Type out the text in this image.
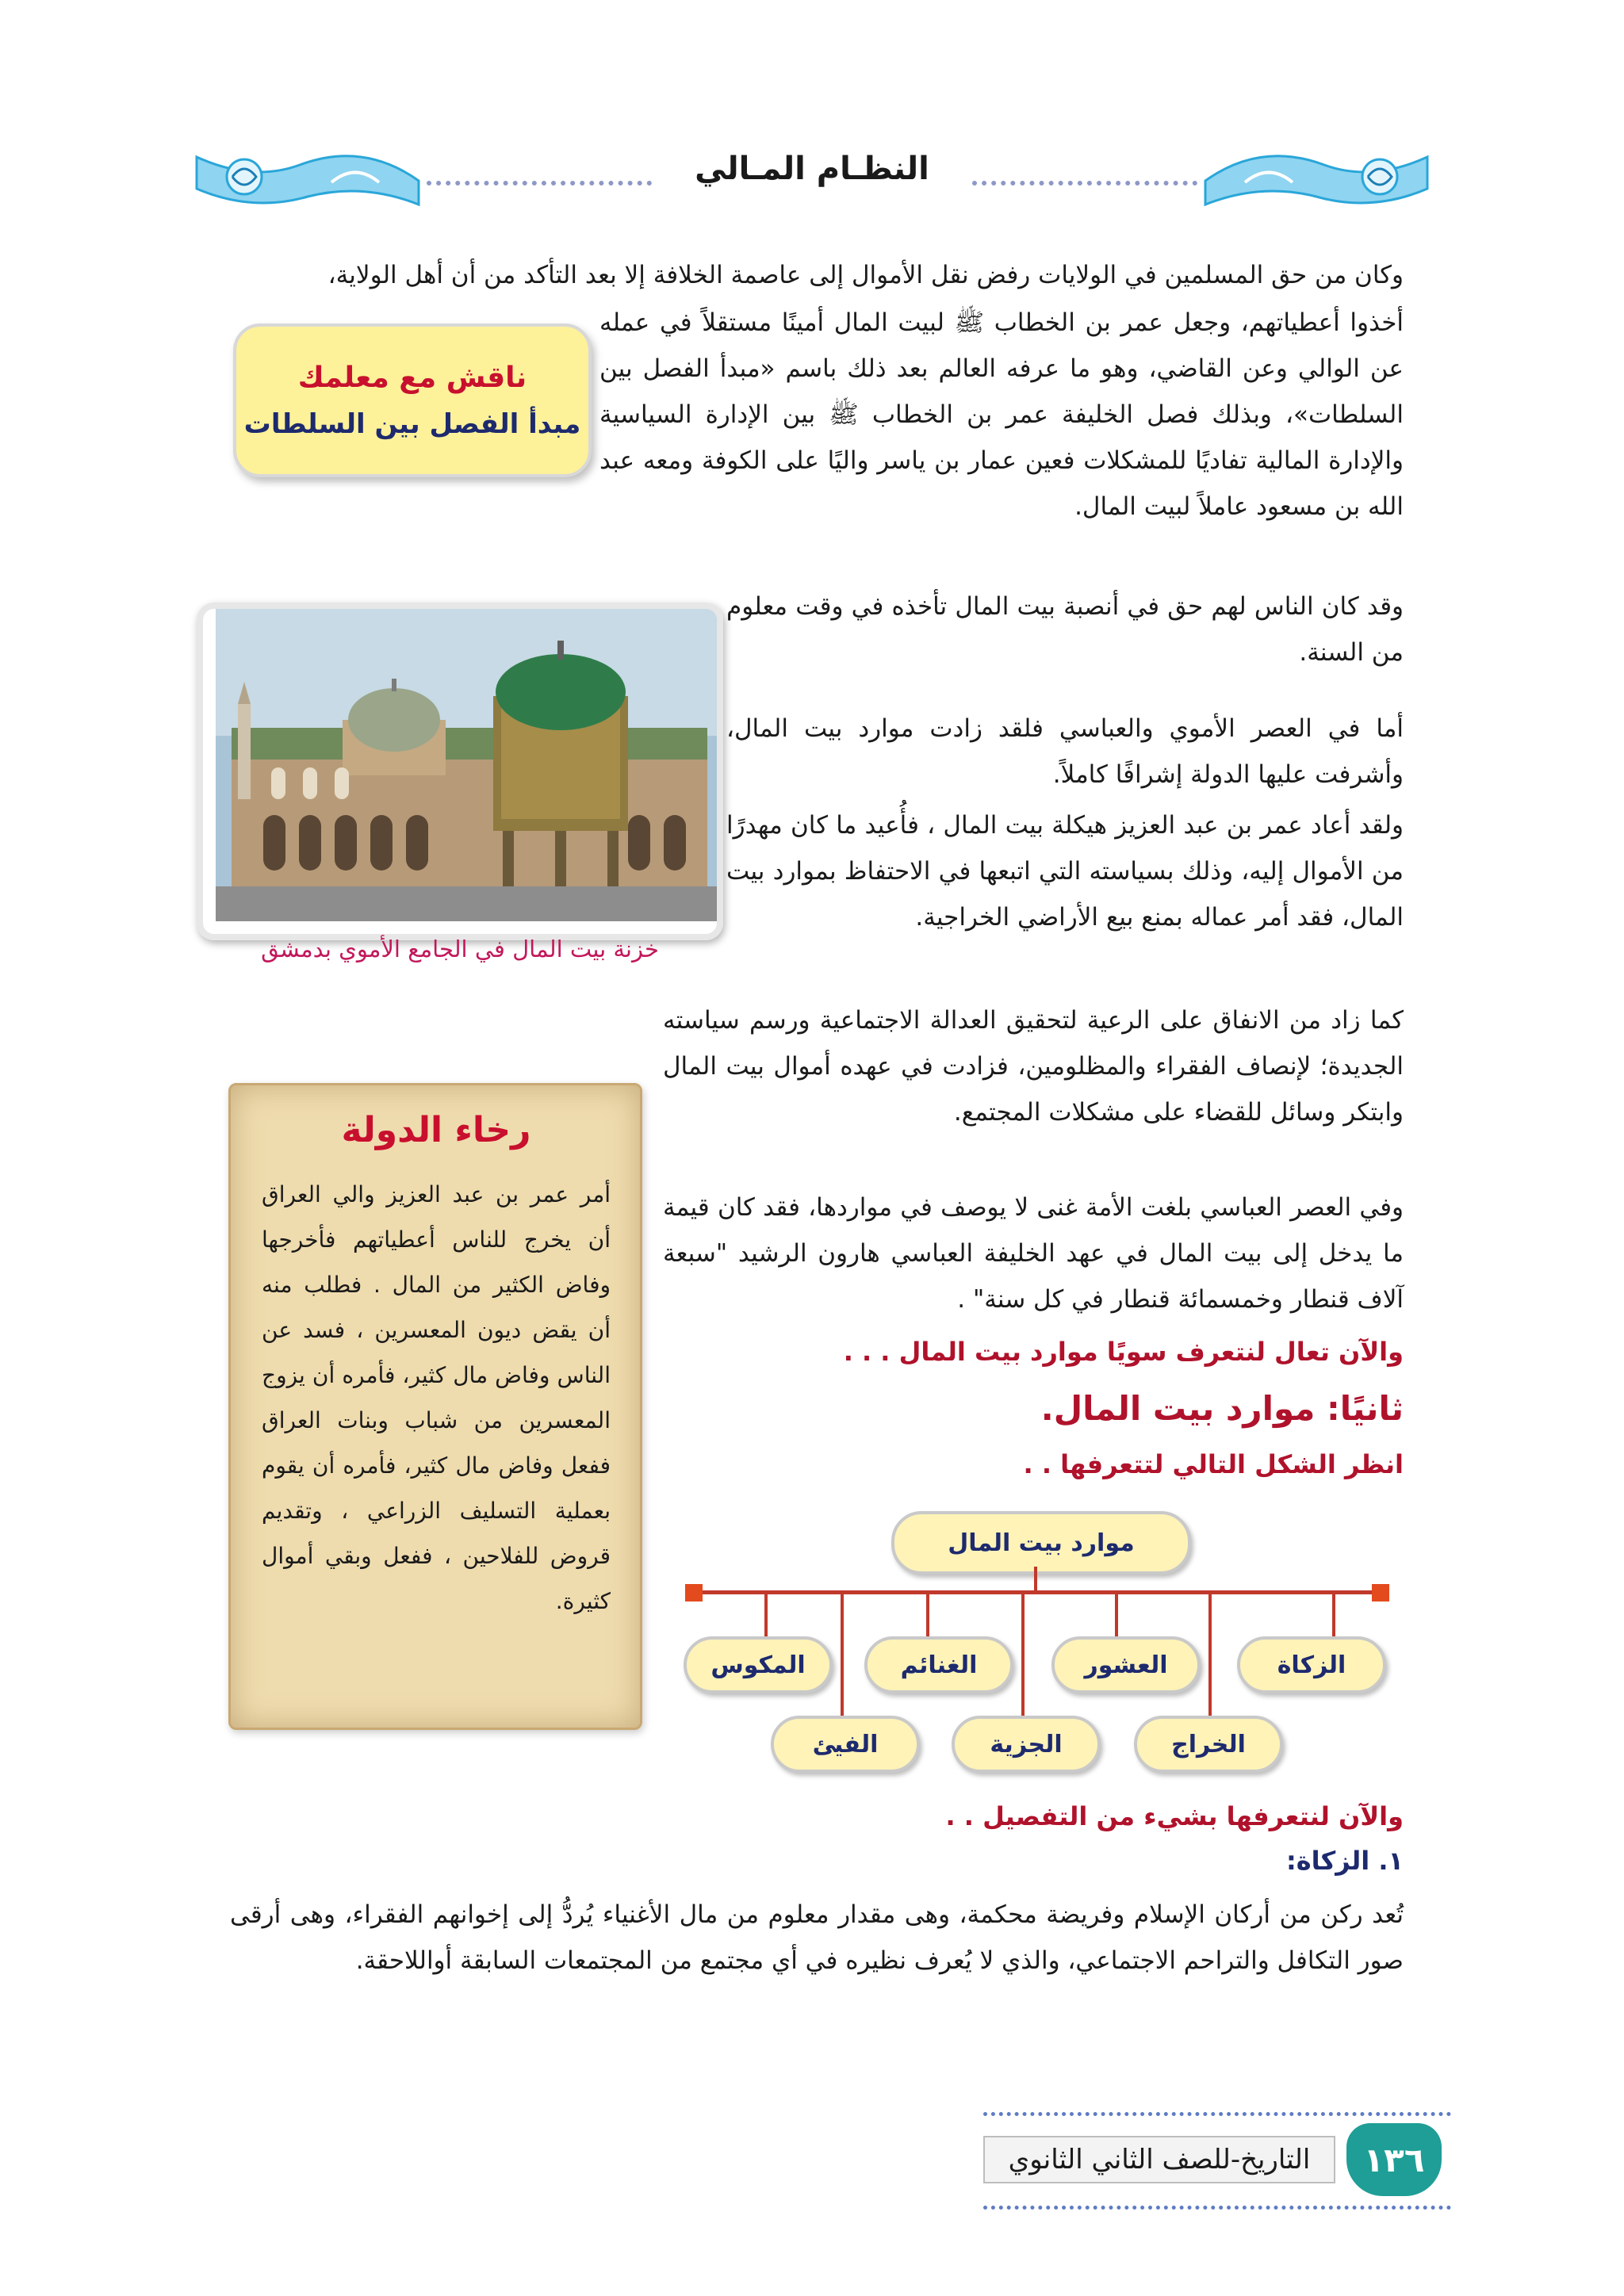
النظـام المـالي

وكان من حق المسلمين في الولايات رفض نقل الأموال إلى عاصمة الخلافة إلا بعد التأكد من أن أهل الولاية،

أخذوا أعطياتهم، وجعل عمر بن الخطاب ﷺ لبيت المال أمينًا مستقلاً في عمله عن الوالي وعن القاضي، وهو ما عرفه العالم بعد ذلك باسم «مبدأ الفصل بين السلطات»، وبذلك فصل الخليفة عمر بن الخطاب ﷺ بين الإدارة السياسية والإدارة المالية تفاديًا للمشكلات فعين عمار بن ياسر واليًا على الكوفة ومعه عبد الله بن مسعود عاملاً لبيت المال.

ناقش مع معلمك
مبدأ الفصل بين السلطات
خزنة بيت المال في الجامع الأموي بدمشق

وقد كان الناس لهم حق في أنصبة بيت المال تأخذه في وقت معلوم من السنة.

أما في العصر الأموي والعباسي فلقد زادت موارد بيت المال، وأشرفت عليها الدولة إشرافًا كاملاً.

ولقد أعاد عمر بن عبد العزيز هيكلة بيت المال ، فأُعيد ما كان مهدرًا من الأموال إليه، وذلك بسياسته التي اتبعها في الاحتفاظ بموارد بيت المال، فقد أمر عماله بمنع بيع الأراضي الخراجية.

كما زاد من الانفاق على الرعية لتحقيق العدالة الاجتماعية ورسم سياسته الجديدة؛ لإنصاف الفقراء والمظلومين، فزادت في عهده أموال بيت المال وابتكر وسائل للقضاء على مشكلات المجتمع.

وفي العصر العباسي بلغت الأمة غنى لا يوصف في مواردها، فقد كان قيمة ما يدخل إلى بيت المال في عهد الخليفة العباسي هارون الرشيد "سبعة آلاف قنطار وخمسمائة قنطار في كل سنة" .

رخاء الدولة

أمر عمر بن عبد العزيز والي العراق أن يخرج للناس أعطياتهم فأخرجها وفاض الكثير من المال . فطلب منه أن يقض ديون المعسرين ، فسد عن الناس وفاض مال كثير، فأمره أن يزوج المعسرين من شباب وبنات العراق ففعل وفاض مال كثير، فأمره أن يقوم بعملية التسليف الزراعي ، وتقديم قروض للفلاحين ، ففعل وبقي أموال كثيرة.

والآن تعال لنتعرف سويًا موارد بيت المال . . .
ثانيًا: موارد بيت المال.
انظر الشكل التالي لتتعرفها . .
موارد بيت المال
الزكاة
العشور
الغنائم
المكوس
الخراج
الجزية
الفيئ
والآن لنتعرفها بشيء من التفصيل . .
١. الزكاة:

تُعد ركن من أركان الإسلام وفريضة محكمة، وهى مقدار معلوم من مال الأغنياء يُردُّ إلى إخوانهم الفقراء، وهى أرقى صور التكافل والتراحم الاجتماعي، والذي لا يُعرف نظيره في أي مجتمع من المجتمعات السابقة أواللاحقة.

التاريخ-للصف الثاني الثانوي	١٣٦
